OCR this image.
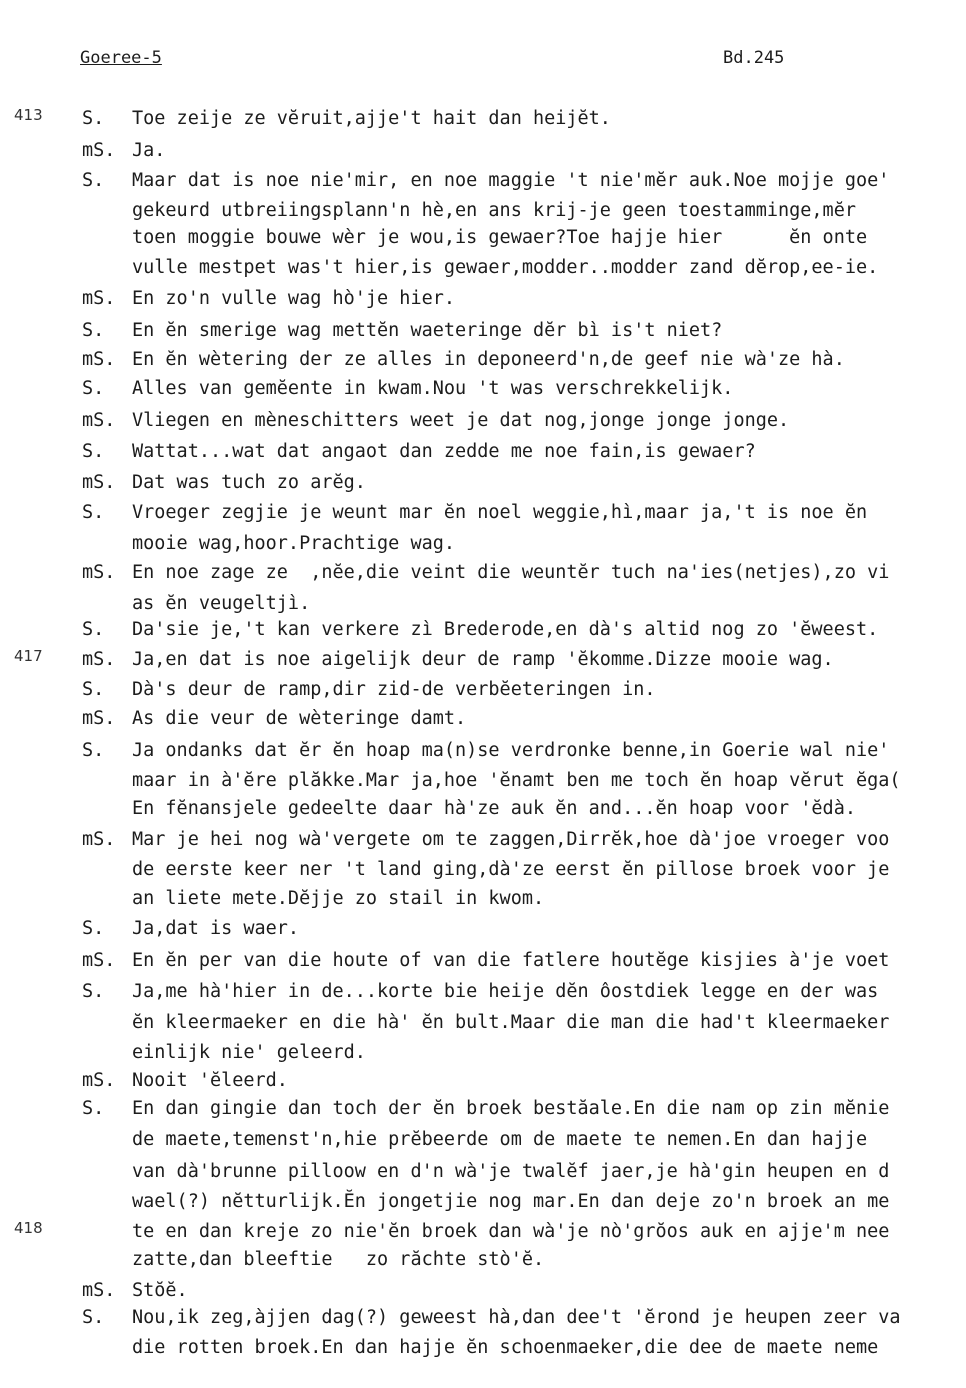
Goeree-5	Bd.245
413 S. Toe zeije ze vĕruit,ajje't hait dan heijĕt.
mS. Ja.
S. Maar dat is noe nie'mir, en noe maggie 't nie'mĕr auk.Noe mojje goe'
gekeurd utbreiingsplann'n hè,en ans krij-je geen toestamminge,mĕr
toen moggie bouwe wèr je wou,is gewaer?Toe hajje hier      ĕn onte
vulle mestpet was't hier,is gewaer,modder..modder zand dĕrop,ee-ie.
mS. En zo'n vulle wag hò'je hier.
S. En ĕn smerige wag mettĕn waeteringe dĕr bì is't niet?
mS. En ĕn wètering der ze alles in deponeerd'n,de geef nie wà'ze hà.
S. Alles van gemĕente in kwam.Nou 't was verschrekkelijk.
mS. Vliegen en mèneschitters weet je dat nog,jonge jonge jonge.
S. Wattat...wat dat angaot dan zedde me noe fain,is gewaer?
mS. Dat was tuch zo arĕg.
S. Vroeger zegjie je weunt mar ĕn noel weggie,hì,maar ja,'t is noe ĕn
mooie wag,hoor.Prachtige wag.
mS. En noe zage ze  ,nĕe,die veint die weuntĕr tuch na'ies(netjes),zo vi
as ĕn veugeltjì.
S. Da'sie je,'t kan verkere zì Brederode,en dà's altid nog zo 'ĕweest.
417 mS. Ja,en dat is noe aigelijk deur de ramp 'ĕkomme.Dizze mooie wag.
S. Dà's deur de ramp,dir zid-de verbĕeteringen in.
mS. As die veur de wèteringe damt.
S. Ja ondanks dat ĕr ĕn hoap ma(n)se verdronke benne,in Goerie wal nie'
maar in à'ĕre plăkke.Mar ja,hoe 'ĕnamt ben me toch ĕn hoap vĕrut ĕga(
En fĕnansjele gedeelte daar hà'ze auk ĕn and...ĕn hoap voor 'ĕdà.
mS. Mar je hei nog wà'vergete om te zaggen,Dirrĕk,hoe dà'joe vroeger voo
de eerste keer ner 't land ging,dà'ze eerst ĕn pillose broek voor je
an liete mete.Dĕjje zo stail in kwom.
S. Ja,dat is waer.
mS. En ĕn per van die houte of van die fatlere houtĕge kisjies à'je voet
S. Ja,me hà'hier in de...korte bie heije dĕn ôostdiek legge en der was
ĕn kleermaeker en die hà' ĕn bult.Maar die man die had't kleermaeker
einlijk nie' geleerd.
mS. Nooit 'ĕleerd.
S. En dan gingie dan toch der ĕn broek bestăale.En die nam op zin mĕnie
de maete,temenst'n,hie prĕbeerde om de maete te nemen.En dan hajje
van dà'brunne pilloow en d'n wà'je twalĕf jaer,je hà'gin heupen en d
wael(?) nĕtturlijk.Ĕn jongetjie nog mar.En dan deje zo'n broek an me
418	te en dan kreje zo nie'ĕn broek dan wà'je nò'grŏos auk en ajje'm nee
zatte,dan bleeftie   zo răchte stò'ĕ.
mS. Stŏĕ.
S. Nou,ik zeg,àjjen dag(?) geweest hà,dan dee't 'ĕrond je heupen zeer va
die rotten broek.En dan hajje ĕn schoenmaeker,die dee de maete neme
